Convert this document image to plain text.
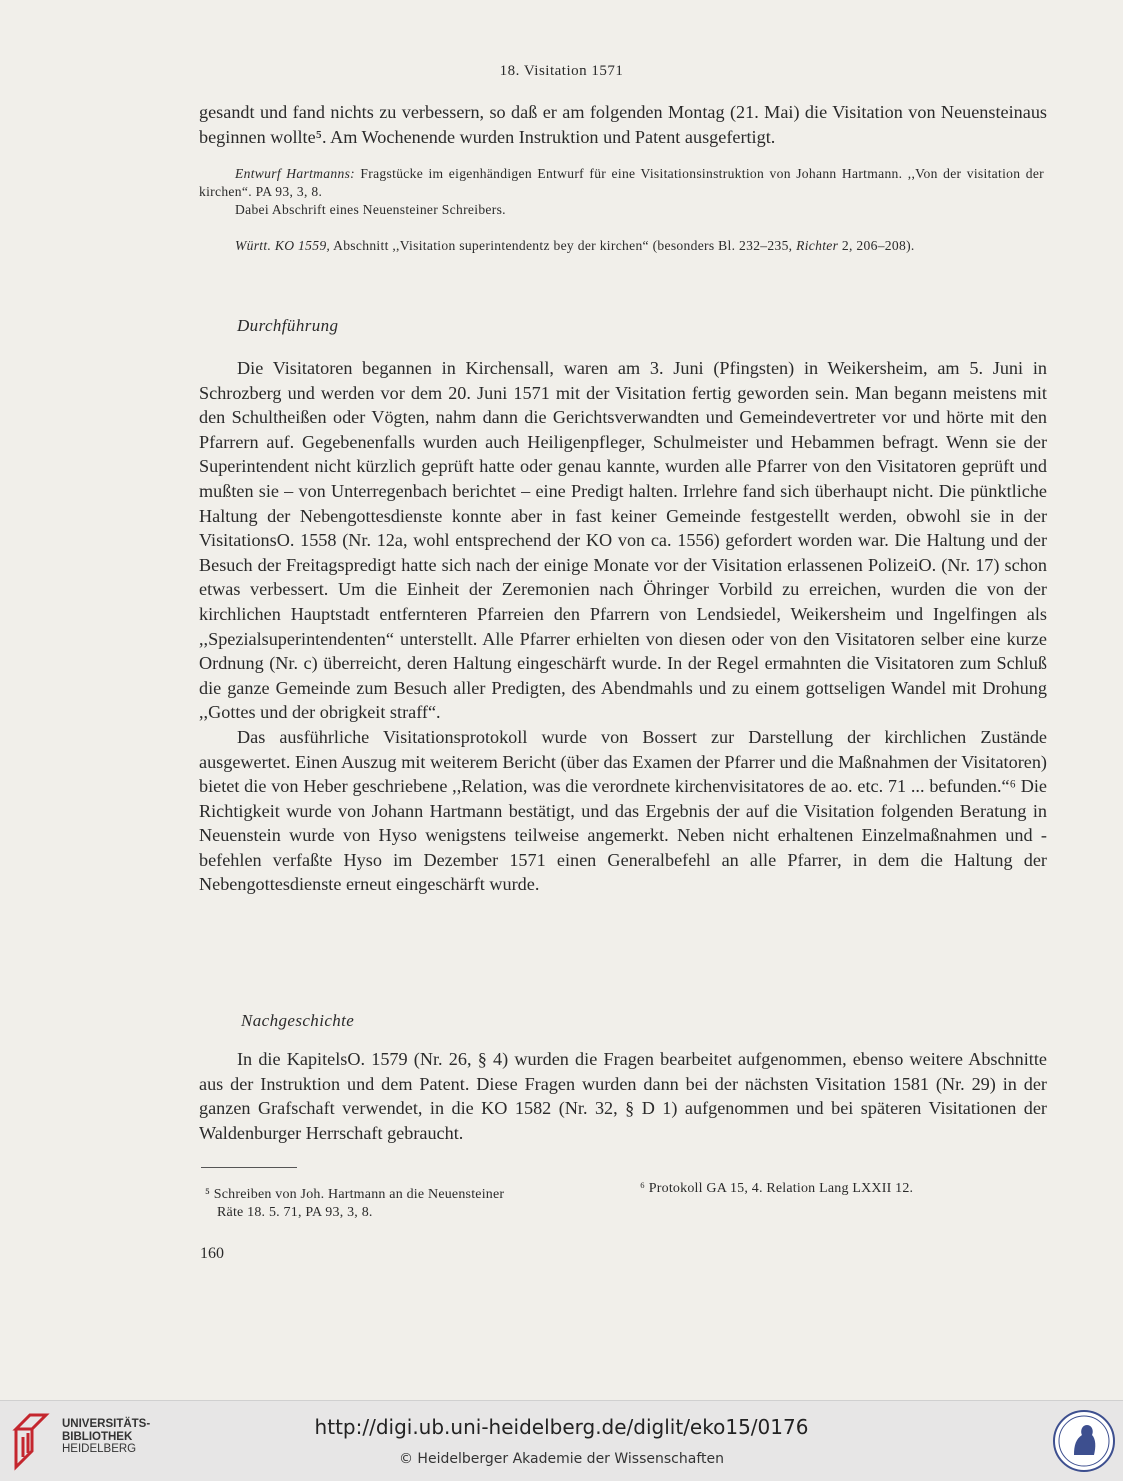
18. Visitation 1571

gesandt und fand nichts zu verbessern, so daß er am folgenden Montag (21. Mai) die Visitation von Neuensteinaus beginnen wollte⁵. Am Wochenende wurden Instruktion und Patent ausgefertigt.

Entwurf Hartmanns: Fragstücke im eigenhändigen Entwurf für eine Visitationsinstruktion von Johann Hartmann. ,,Von der visitation der kirchen“. PA 93, 3, 8.

Dabei Abschrift eines Neuensteiner Schreibers.

Württ. KO 1559, Abschnitt ,,Visitation superintendentz bey der kirchen“ (besonders Bl. 232–235, Richter 2, 206–208).

Durchführung

Die Visitatoren begannen in Kirchensall, waren am 3. Juni (Pfingsten) in Weikersheim, am 5. Juni in Schrozberg und werden vor dem 20. Juni 1571 mit der Visitation fertig geworden sein. Man begann meistens mit den Schultheißen oder Vögten, nahm dann die Gerichtsverwandten und Gemeindevertreter vor und hörte mit den Pfarrern auf. Gegebenenfalls wurden auch Heiligenpfleger, Schulmeister und Hebammen befragt. Wenn sie der Superintendent nicht kürzlich geprüft hatte oder genau kannte, wurden alle Pfarrer von den Visitatoren geprüft und mußten sie – von Unterregenbach berichtet – eine Predigt halten. Irrlehre fand sich überhaupt nicht. Die pünktliche Haltung der Nebengottesdienste konnte aber in fast keiner Gemeinde festgestellt werden, obwohl sie in der VisitationsO. 1558 (Nr. 12a, wohl entsprechend der KO von ca. 1556) gefordert worden war. Die Haltung und der Besuch der Freitagspredigt hatte sich nach der einige Monate vor der Visitation erlassenen PolizeiO. (Nr. 17) schon etwas verbessert. Um die Einheit der Zeremonien nach Öhringer Vorbild zu erreichen, wurden die von der kirchlichen Hauptstadt entfernteren Pfarreien den Pfarrern von Lendsiedel, Weikersheim und Ingelfingen als ,,Spezialsuperintendenten“ unterstellt. Alle Pfarrer erhielten von diesen oder von den Visitatoren selber eine kurze Ordnung (Nr. c) überreicht, deren Haltung eingeschärft wurde. In der Regel ermahnten die Visitatoren zum Schluß die ganze Gemeinde zum Besuch aller Predigten, des Abendmahls und zu einem gottseligen Wandel mit Drohung ,,Gottes und der obrigkeit straff“.

Das ausführliche Visitationsprotokoll wurde von Bossert zur Darstellung der kirchlichen Zustände ausgewertet. Einen Auszug mit weiterem Bericht (über das Examen der Pfarrer und die Maßnahmen der Visitatoren) bietet die von Heber geschriebene ,,Relation, was die verordnete kirchenvisitatores de ao. etc. 71 ... befunden.“⁶ Die Richtigkeit wurde von Johann Hartmann bestätigt, und das Ergebnis der auf die Visitation folgenden Beratung in Neuenstein wurde von Hyso wenigstens teilweise angemerkt. Neben nicht erhaltenen Einzelmaßnahmen und -befehlen verfaßte Hyso im Dezember 1571 einen Generalbefehl an alle Pfarrer, in dem die Haltung der Nebengottesdienste erneut eingeschärft wurde.

Nachgeschichte

In die KapitelsO. 1579 (Nr. 26, § 4) wurden die Fragen bearbeitet aufgenommen, ebenso weitere Abschnitte aus der Instruktion und dem Patent. Diese Fragen wurden dann bei der nächsten Visitation 1581 (Nr. 29) in der ganzen Grafschaft verwendet, in die KO 1582 (Nr. 32, § D 1) aufgenommen und bei späteren Visitationen der Waldenburger Herrschaft gebraucht.

⁵ Schreiben von Joh. Hartmann an die Neuensteiner
Räte 18. 5. 71, PA 93, 3, 8.
⁶ Protokoll GA 15, 4. Relation Lang LXXII 12.
160
UNIVERSITÄTS-
BIBLIOTHEK
HEIDELBERG
http://digi.ub.uni-heidelberg.de/diglit/eko15/0176
© Heidelberger Akademie der Wissenschaften
